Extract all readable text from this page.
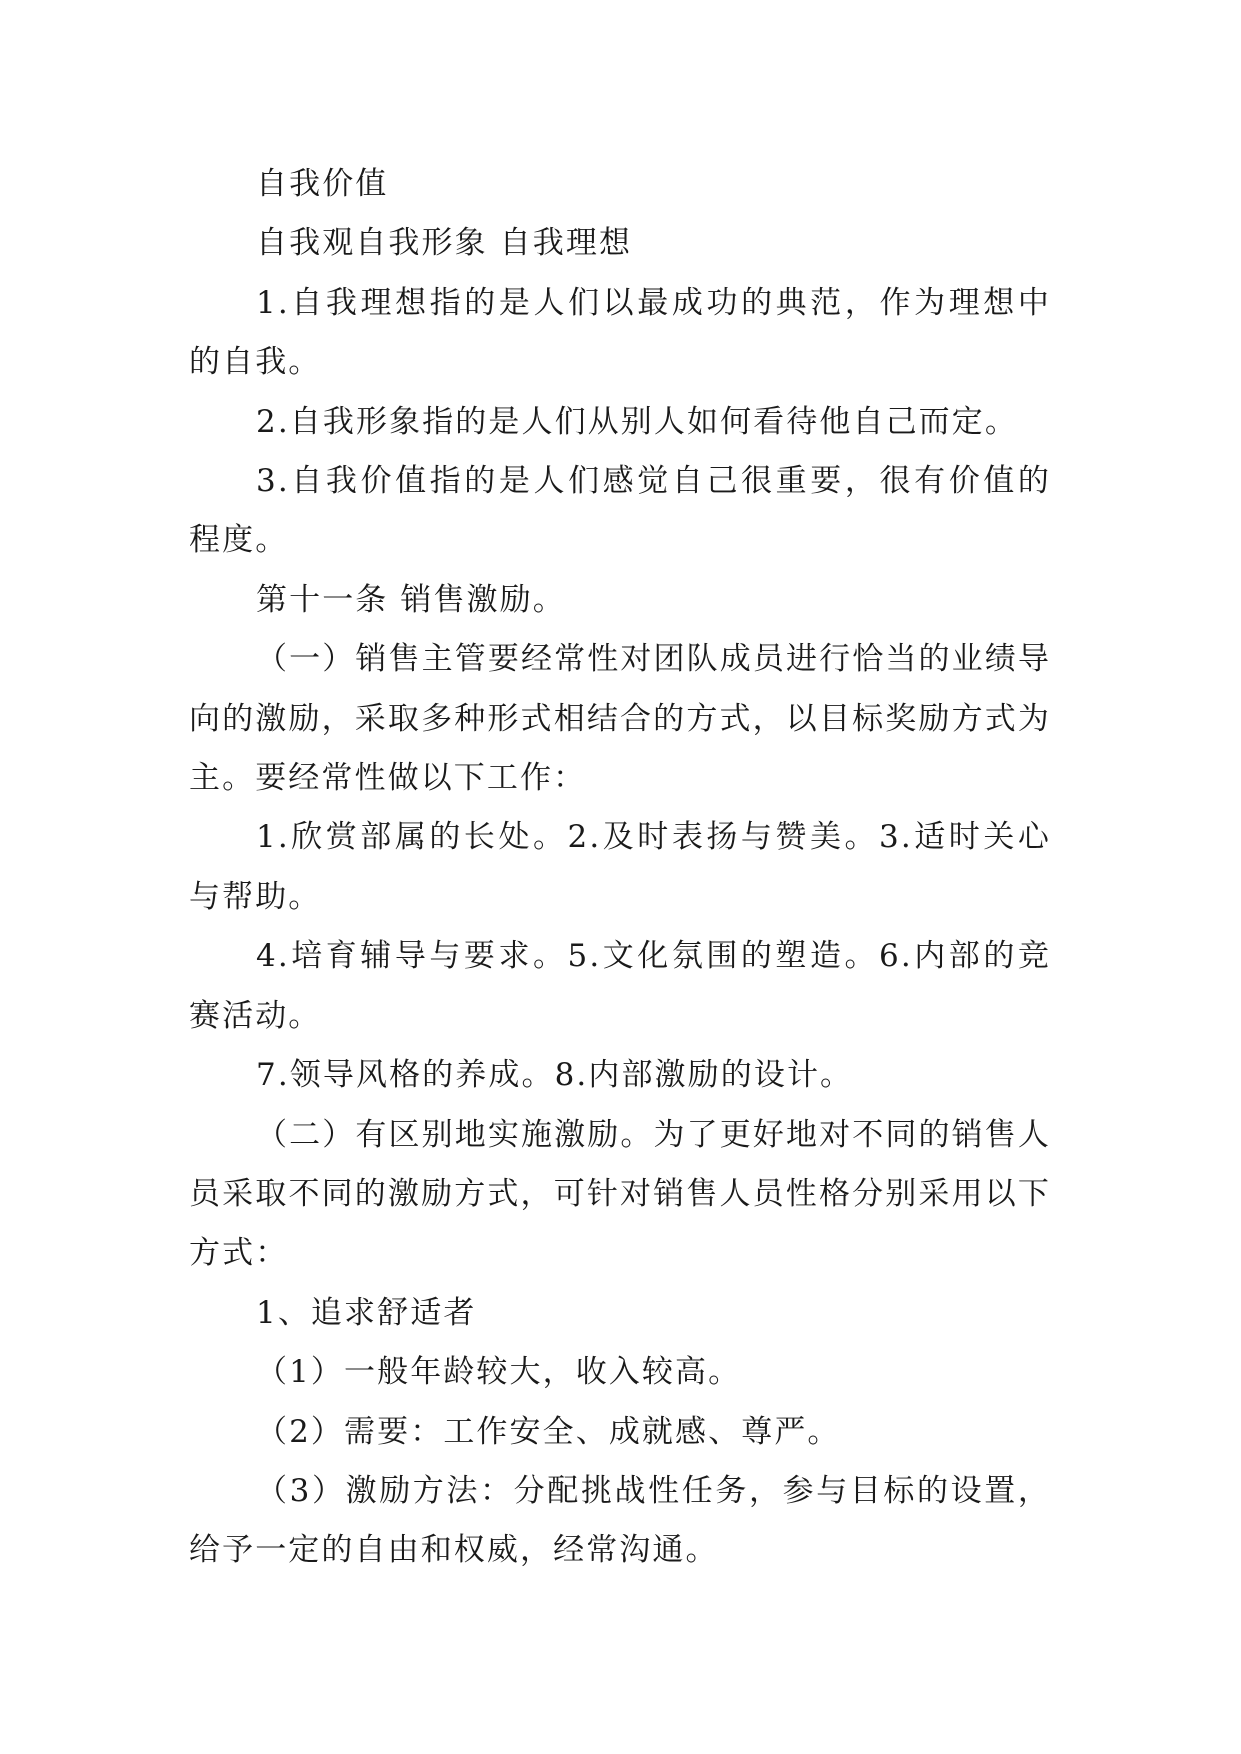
自我价值

自我观自我形象 自我理想

1.自我理想指的是人们以最成功的典范，作为理想中的自我。

2.自我形象指的是人们从别人如何看待他自己而定。

3.自我价值指的是人们感觉自己很重要，很有价值的程度。

第十一条 销售激励。

（一）销售主管要经常性对团队成员进行恰当的业绩导向的激励，采取多种形式相结合的方式，以目标奖励方式为主。要经常性做以下工作：

1.欣赏部属的长处。2.及时表扬与赞美。3.适时关心与帮助。

4.培育辅导与要求。5.文化氛围的塑造。6.内部的竞赛活动。

7.领导风格的养成。8.内部激励的设计。

（二）有区别地实施激励。为了更好地对不同的销售人员采取不同的激励方式，可针对销售人员性格分别采用以下方式：

1、追求舒适者

（1）一般年龄较大，收入较高。

（2）需要：工作安全、成就感、尊严。

（3）激励方法：分配挑战性任务，参与目标的设置，给予一定的自由和权威，经常沟通。
